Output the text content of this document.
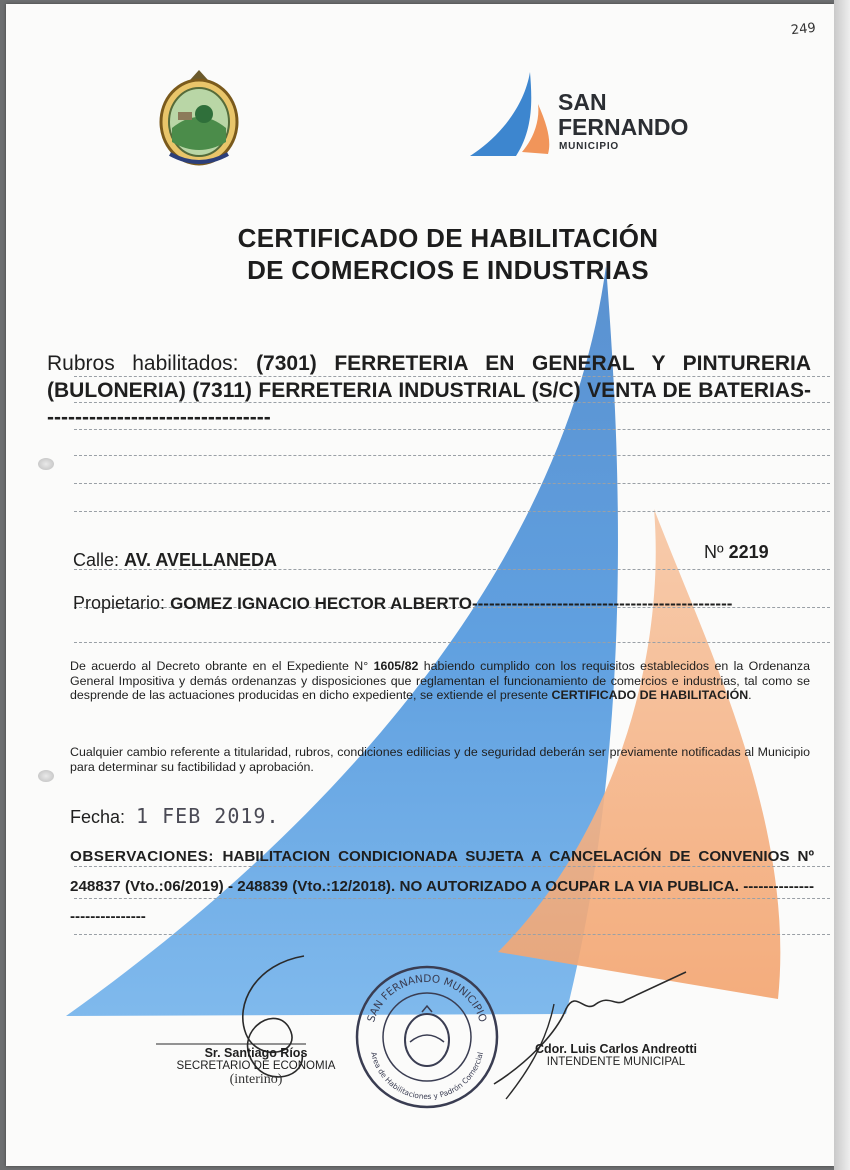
249
SAN
FERNANDO
MUNICIPIO
CERTIFICADO DE HABILITACIÓN
DE COMERCIOS E INDUSTRIAS
Rubros habilitados: (7301) FERRETERIA EN GENERAL Y PINTURERIA (BULONERIA) (7311) FERRETERIA INDUSTRIAL (S/C) VENTA DE BATERIAS---------------------------------
Calle: AV. AVELLANEDA	Nº 2219
Propietario: GOMEZ IGNACIO HECTOR ALBERTO----------------------------------------------
De acuerdo al Decreto obrante en el Expediente N° 1605/82 habiendo cumplido con los requisitos establecidos en la Ordenanza General Impositiva y demás ordenanzas y disposiciones que reglamentan el funcionamiento de comercios e industrias, tal como se desprende de las actuaciones producidas en dicho expediente, se extiende el presente CERTIFICADO DE HABILITACIÓN.
Cualquier cambio referente a titularidad, rubros, condiciones edilicias y de seguridad deberán ser previamente notificadas al Municipio para determinar su factibilidad y aprobación.
Fecha: 1 FEB 2019.
OBSERVACIONES: HABILITACION CONDICIONADA SUJETA A CANCELACIÓN DE CONVENIOS Nº 248837 (Vto.:06/2019) - 248839 (Vto.:12/2018). NO AUTORIZADO A OCUPAR LA VIA PUBLICA. -----------------------------
SAN FERNANDO MUNICIPIO
Area de Habilitaciones y Padrón Comercial
Sr. Santiago Ríos
SECRETARIO DE ECONOMIA
(interino)
Cdor. Luis Carlos Andreotti
INTENDENTE MUNICIPAL
